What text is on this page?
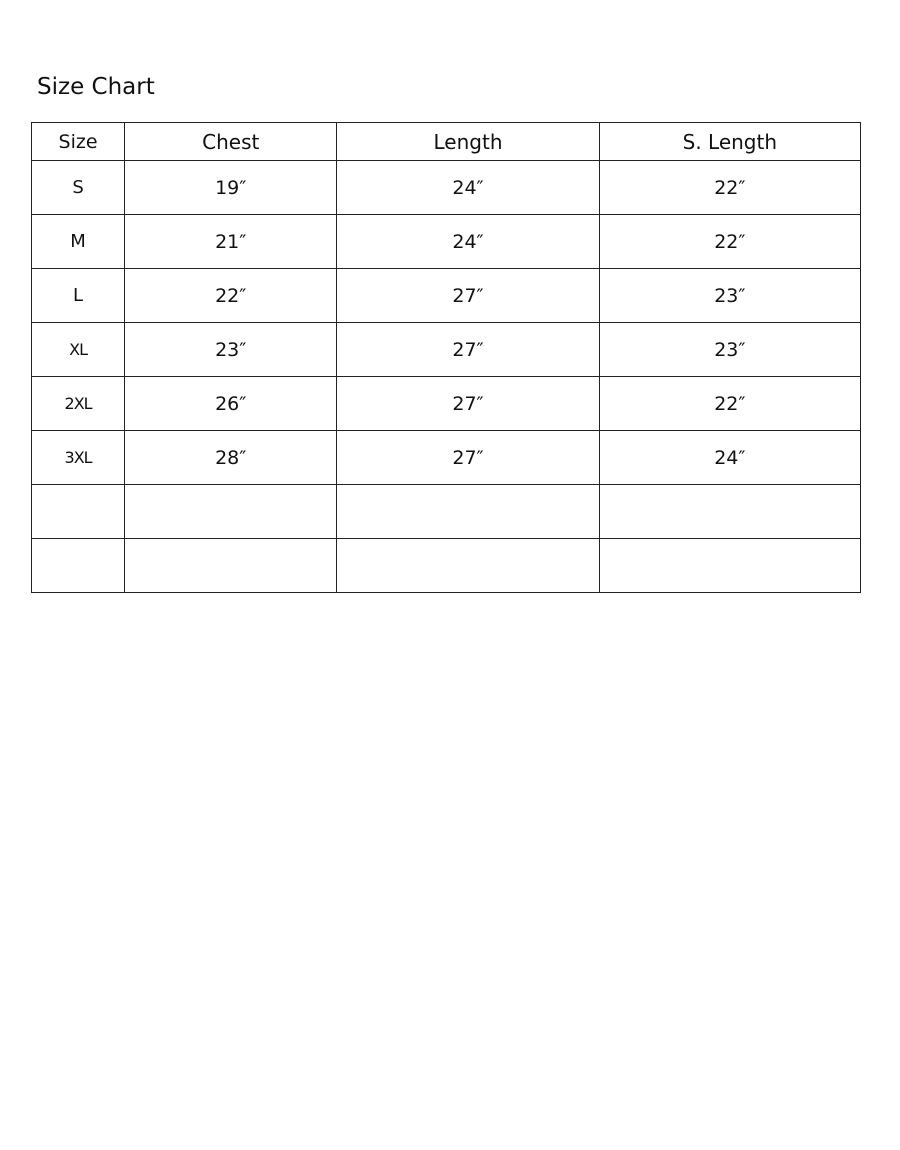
Size Chart
Size	Chest	Length	S. Length
S	19″	24″	22″
M	21″	24″	22″
L	22″	27″	23″
XL	23″	27″	23″
2XL	26″	27″	22″
3XL	28″	27″	24″
